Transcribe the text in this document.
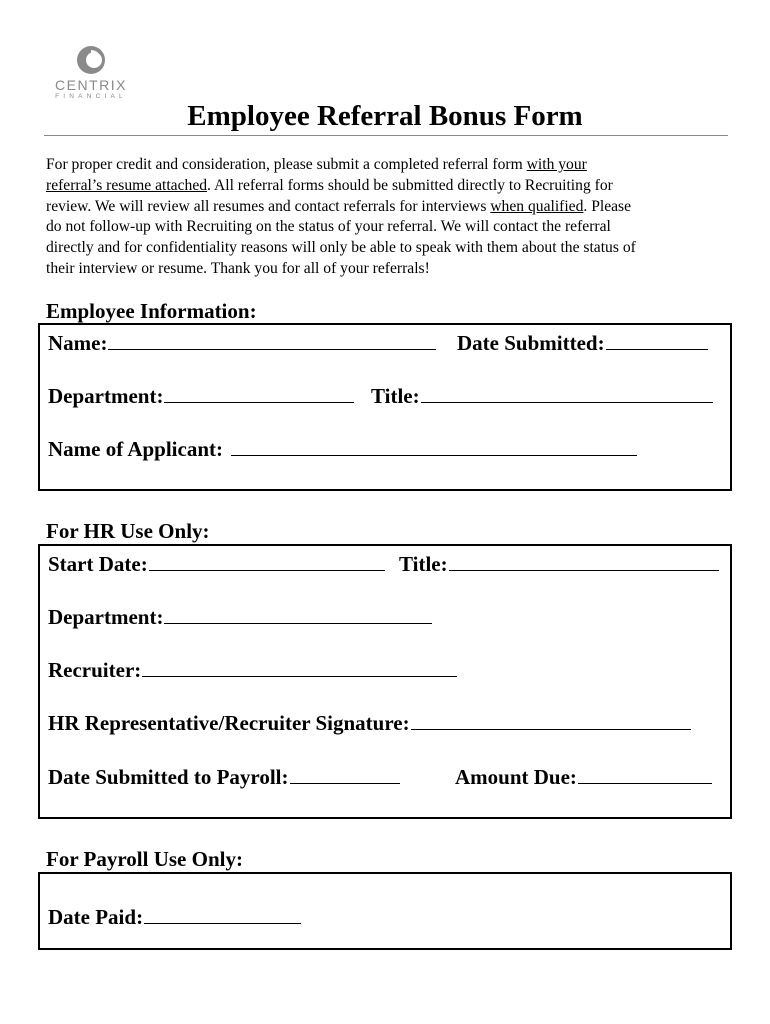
CENTRIX
FINANCIAL
Employee Referral Bonus Form
For proper credit and consideration, please submit a completed referral form with your
referral’s resume attached. All referral forms should be submitted directly to Recruiting for
review. We will review all resumes and contact referrals for interviews when qualified. Please
do not follow-up with Recruiting on the status of your referral. We will contact the referral
directly and for confidentiality reasons will only be able to speak with them about the status of
their interview or resume. Thank you for all of your referrals!
Employee Information:
Name:	Date Submitted:
Department:	Title:
Name of Applicant:
For HR Use Only:
Start Date:	Title:
Department:
Recruiter:
HR Representative/Recruiter Signature:
Date Submitted to Payroll:	Amount Due:
For Payroll Use Only:
Date Paid:
